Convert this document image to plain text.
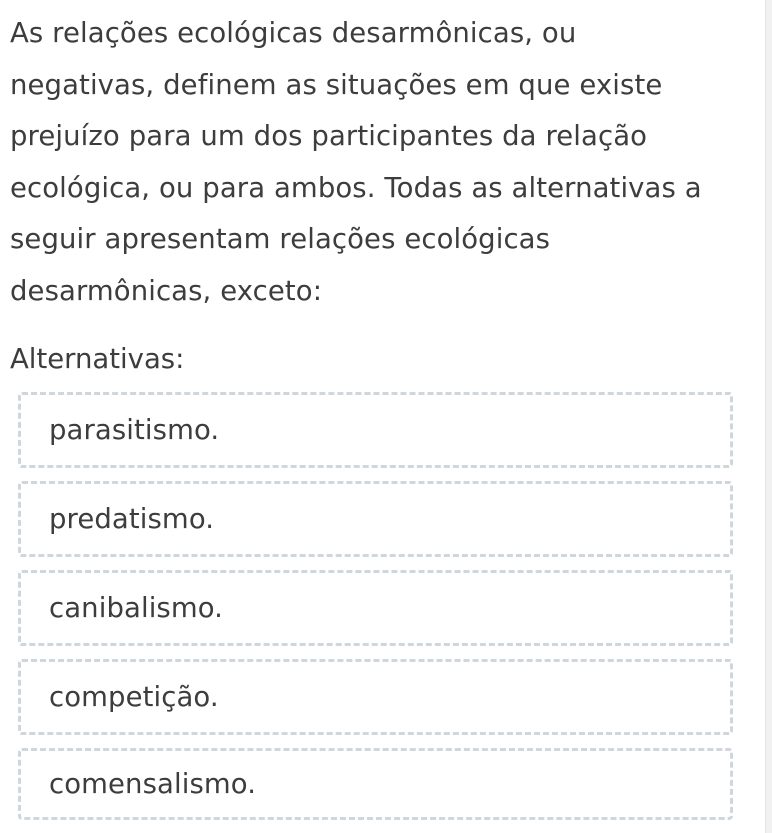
As relações ecológicas desarmônicas, ou negativas, definem as situações em que existe prejuízo para um dos participantes da relação ecológica, ou para ambos. Todas as alternativas a seguir apresentam relações ecológicas desarmônicas, exceto:

Alternativas:

parasitismo.
predatismo.
canibalismo.
competição.
comensalismo.
